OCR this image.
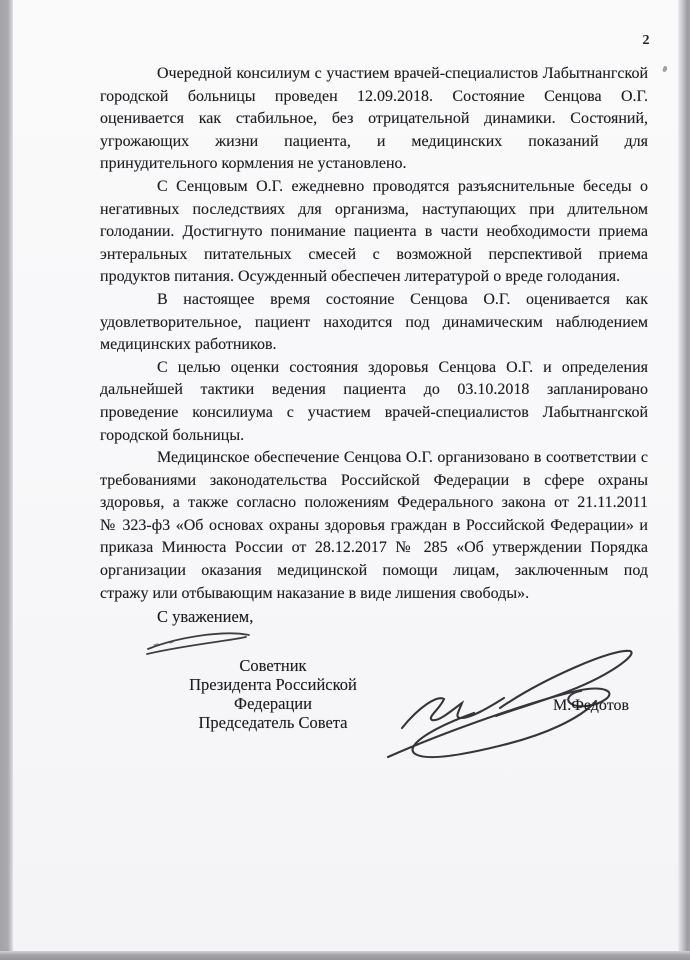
2
Очередной консилиум с участием врачей-специалистов Лабытнангской
городской больницы проведен 12.09.2018. Состояние Сенцова О.Г.
оценивается как стабильное, без отрицательной динамики. Состояний,
угрожающих жизни пациента, и медицинских показаний для
принудительного кормления не установлено.
С Сенцовым О.Г. ежедневно проводятся разъяснительные беседы о
негативных последствиях для организма, наступающих при длительном
голодании. Достигнуто понимание пациента в части необходимости приема
энтеральных питательных смесей с возможной перспективой приема
продуктов питания. Осужденный обеспечен литературой о вреде голодания.
В настоящее время состояние Сенцова О.Г. оценивается как
удовлетворительное, пациент находится под динамическим наблюдением
медицинских работников.
С целью оценки состояния здоровья Сенцова О.Г. и определения
дальнейшей тактики ведения пациента до 03.10.2018 запланировано
проведение консилиума с участием врачей-специалистов Лабытнангской
городской больницы.
Медицинское обеспечение Сенцова О.Г. организовано в соответствии с
требованиями законодательства Российской Федерации в сфере охраны
здоровья, а также согласно положениям Федерального закона от 21.11.2011
№ 323-ф3 «Об основах охраны здоровья граждан в Российской Федерации» и
приказа Минюста России от 28.12.2017 № 285 «Об утверждении Порядка
организации оказания медицинской помощи лицам, заключенным под
стражу или отбывающим наказание в виде лишения свободы».
С уважением,
Советник
Президента Российской Федерации
Председатель Совета
М.Федотов
